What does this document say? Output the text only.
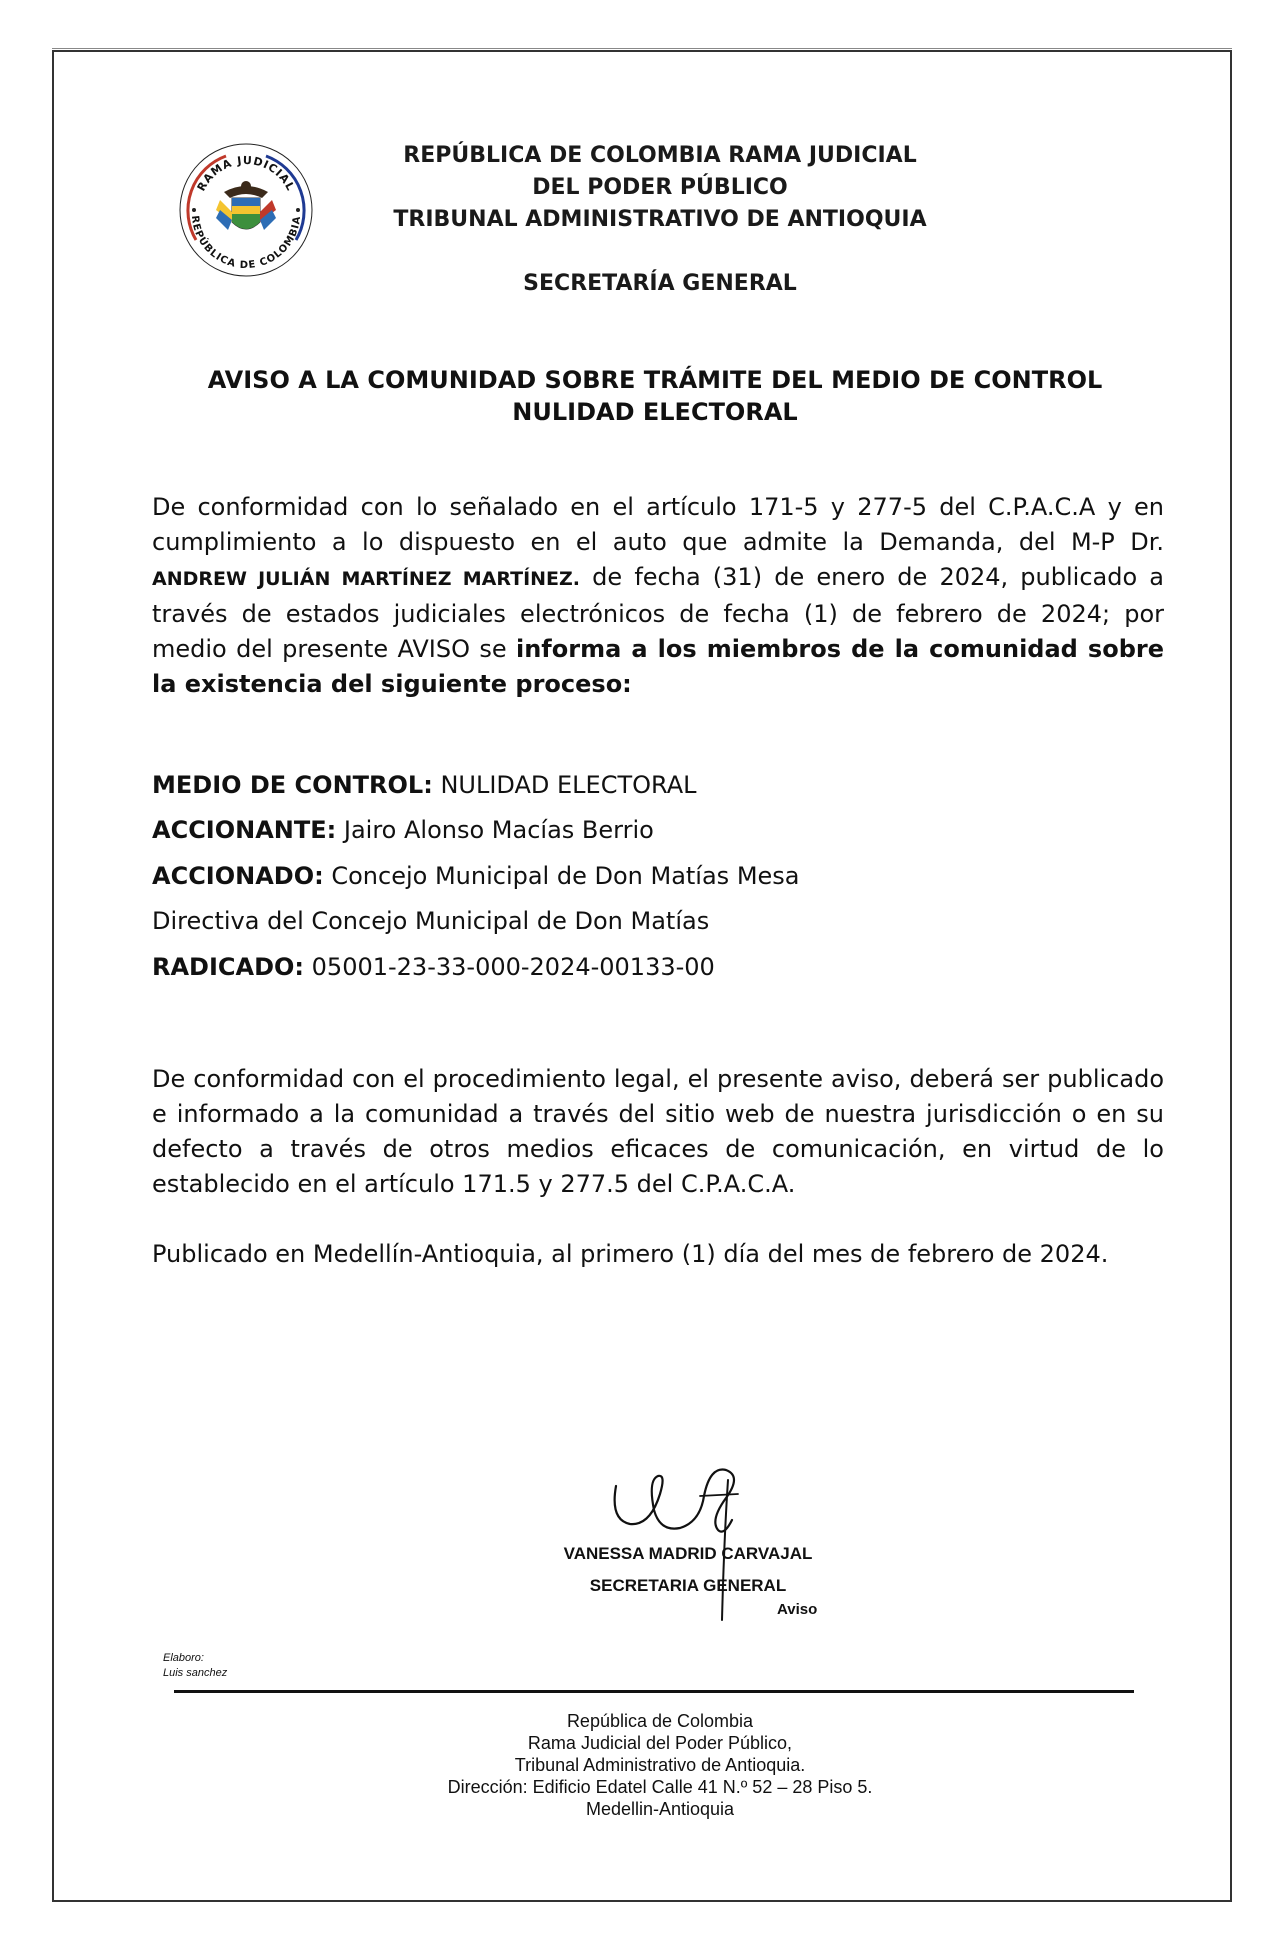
RAMA JUDICIAL
REPÚBLICA DE COLOMBIA
REPÚBLICA DE COLOMBIA RAMA JUDICIAL
DEL PODER PÚBLICO
TRIBUNAL ADMINISTRATIVO DE ANTIOQUIA
SECRETARÍA GENERAL
AVISO A LA COMUNIDAD SOBRE TRÁMITE DEL MEDIO DE CONTROL
NULIDAD ELECTORAL
De conformidad con lo señalado en el artículo 171-5 y 277-5 del C.P.A.C.A y en cumplimiento a lo dispuesto en el auto que admite la Demanda, del M-P Dr. ANDREW JULIÁN MARTÍNEZ MARTÍNEZ. de fecha (31) de enero de 2024, publicado a través de estados judiciales electrónicos de fecha (1) de febrero de 2024; por medio del presente AVISO se informa a los miembros de la comunidad sobre la existencia del siguiente proceso:
MEDIO DE CONTROL: NULIDAD ELECTORAL
ACCIONANTE: Jairo Alonso Macías Berrio
ACCIONADO: Concejo Municipal de Don Matías Mesa
Directiva del Concejo Municipal de Don Matías
RADICADO: 05001-23-33-000-2024-00133-00
De conformidad con el procedimiento legal, el presente aviso, deberá ser publicado e informado a la comunidad a través del sitio web de nuestra jurisdicción o en su defecto a través de otros medios eficaces de comunicación, en virtud de lo establecido en el artículo 171.5 y 277.5 del C.P.A.C.A.
Publicado en Medellín-Antioquia, al primero (1) día del mes de febrero de 2024.
VANESSA MADRID CARVAJAL
SECRETARIA GENERAL
Aviso
Elaboro:
Luis sanchez
República de Colombia
Rama Judicial del Poder Público,
Tribunal Administrativo de Antioquia.
Dirección: Edificio Edatel Calle 41 N.º 52 – 28 Piso 5.
Medellin-Antioquia
